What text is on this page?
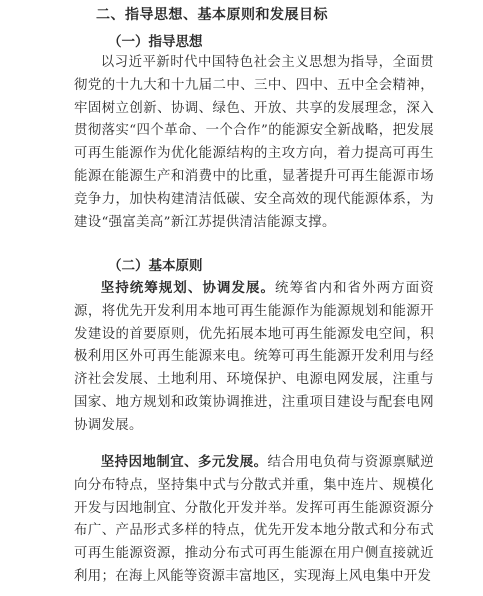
二、指导思想、基本原则和发展目标
（一）指导思想

以习近平新时代中国特色社会主义思想为指导，全面贯彻党的十九大和十九届二中、三中、四中、五中全会精神，牢固树立创新、协调、绿色、开放、共享的发展理念，深入贯彻落实“四个革命、一个合作”的能源安全新战略，把发展可再生能源作为优化能源结构的主攻方向，着力提高可再生能源在能源生产和消费中的比重，显著提升可再生能源市场竞争力，加快构建清洁低碳、安全高效的现代能源体系，为建设“强富美高”新江苏提供清洁能源支撑。

（二）基本原则

坚持统筹规划、协调发展。统筹省内和省外两方面资源，将优先开发利用本地可再生能源作为能源规划和能源开发建设的首要原则，优先拓展本地可再生能源发电空间，积极利用区外可再生能源来电。统筹可再生能源开发利用与经济社会发展、土地利用、环境保护、电源电网发展，注重与国家、地方规划和政策协调推进，注重项目建设与配套电网协调发展。

坚持因地制宜、多元发展。结合用电负荷与资源禀赋逆向分布特点，坚持集中式与分散式并重，集中连片、规模化开发与因地制宜、分散化开发并举。发挥可再生能源资源分布广、产品形式多样的特点，优先开发本地分散式和分布式可再生能源资源，推动分布式可再生能源在用户侧直接就近利用；在海上风能等资源丰富地区，实现海上风电集中开发
